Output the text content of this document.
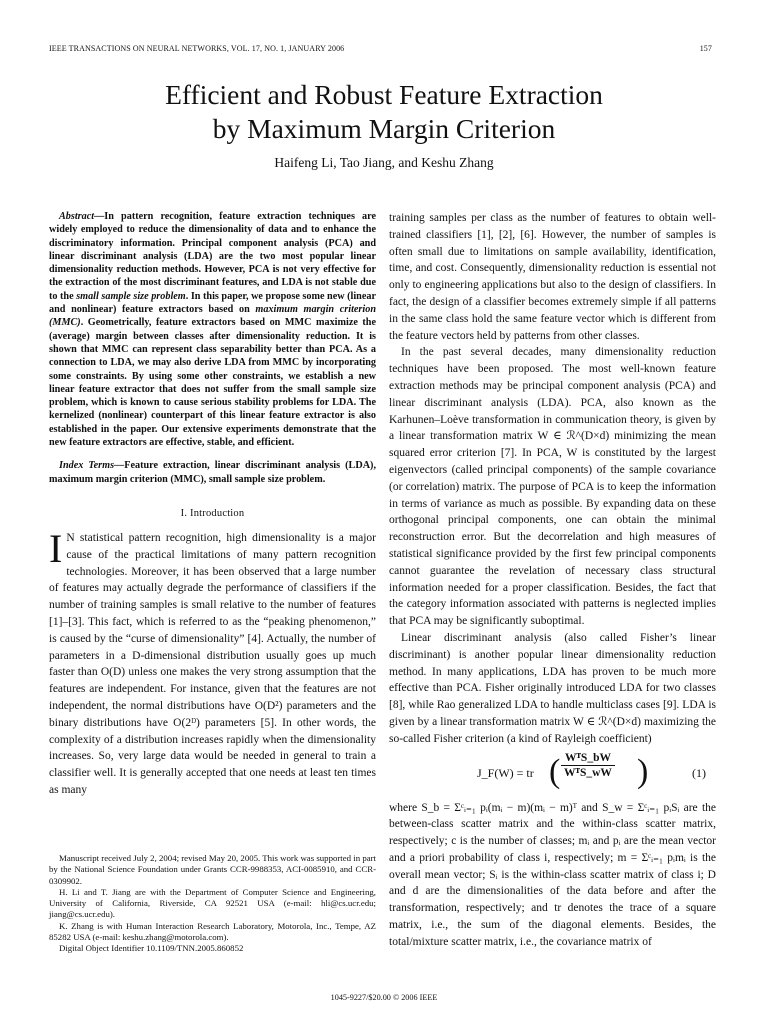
IEEE TRANSACTIONS ON NEURAL NETWORKS, VOL. 17, NO. 1, JANUARY 2006	157
Efficient and Robust Feature Extraction
by Maximum Margin Criterion
Haifeng Li, Tao Jiang, and Keshu Zhang

Abstract—In pattern recognition, feature extraction techniques are widely employed to reduce the dimensionality of data and to enhance the discriminatory information. Principal component analysis (PCA) and linear discriminant analysis (LDA) are the two most popular linear dimensionality reduction methods. However, PCA is not very effective for the extraction of the most discriminant features, and LDA is not stable due to the small sample size problem. In this paper, we propose some new (linear and nonlinear) feature extractors based on maximum margin criterion (MMC). Geometrically, feature extractors based on MMC maximize the (average) margin between classes after dimensionality reduction. It is shown that MMC can represent class separability better than PCA. As a connection to LDA, we may also derive LDA from MMC by incorporating some constraints. By using some other constraints, we establish a new linear feature extractor that does not suffer from the small sample size problem, which is known to cause serious stability problems for LDA. The kernelized (nonlinear) counterpart of this linear feature extractor is also established in the paper. Our extensive experiments demonstrate that the new feature extractors are effective, stable, and efficient.

Index Terms—Feature extraction, linear discriminant analysis (LDA), maximum margin criterion (MMC), small sample size problem.

I. Introduction

I N statistical pattern recognition, high dimensionality is a major cause of the practical limitations of many pattern recognition technologies. Moreover, it has been observed that a large number of features may actually degrade the performance of classifiers if the number of training samples is small relative to the number of features [1]–[3]. This fact, which is referred to as the “peaking phenomenon,” is caused by the “curse of dimensionality” [4]. Actually, the number of parameters in a D-dimensional distribution usually goes up much faster than O(D) unless one makes the very strong assumption that the features are independent. For instance, given that the features are not independent, the normal distributions have O(D²) parameters and the binary distributions have O(2ᴰ) parameters [5]. In other words, the complexity of a distribution increases rapidly when the dimensionality increases. So, very large data would be needed in general to train a classifier well. It is generally accepted that one needs at least ten times as many

training samples per class as the number of features to obtain well-trained classifiers [1], [2], [6]. However, the number of samples is often small due to limitations on sample availability, identification, time, and cost. Consequently, dimensionality reduction is essential not only to engineering applications but also to the design of classifiers. In fact, the design of a classifier becomes extremely simple if all patterns in the same class hold the same feature vector which is different from the feature vectors held by patterns from other classes.

In the past several decades, many dimensionality reduction techniques have been proposed. The most well-known feature extraction methods may be principal component analysis (PCA) and linear discriminant analysis (LDA). PCA, also known as the Karhunen–Loève transformation in communication theory, is given by a linear transformation matrix W ∈ ℛ^(D×d) minimizing the mean squared error criterion [7]. In PCA, W is constituted by the largest eigenvectors (called principal components) of the sample covariance (or correlation) matrix. The purpose of PCA is to keep the information in terms of variance as much as possible. By expanding data on these orthogonal principal components, one can obtain the minimal reconstruction error. But the decorrelation and high measures of statistical significance provided by the first few principal components cannot guarantee the revelation of necessary class structural information needed for a proper classification. Besides, the fact that the category information associated with patterns is neglected implies that PCA may be significantly suboptimal.

Linear discriminant analysis (also called Fisher’s linear discriminant) is another popular linear dimensionality reduction method. In many applications, LDA has proven to be much more effective than PCA. Fisher originally introduced LDA for two classes [8], while Rao generalized LDA to handle multiclass cases [9]. LDA is given by a linear transformation matrix W ∈ ℛ^(D×d) maximizing the so-called Fisher criterion (a kind of Rayleigh coefficient)

J_F(W) = tr ( WᵀS_bW
WᵀS_wW )	(1)

where S_b = Σᶜᵢ₌₁ pᵢ(mᵢ − m)(mᵢ − m)ᵀ and S_w = Σᶜᵢ₌₁ pᵢSᵢ are the between-class scatter matrix and the within-class scatter matrix, respectively; c is the number of classes; mᵢ and pᵢ are the mean vector and a priori probability of class i, respectively; m = Σᶜᵢ₌₁ pᵢmᵢ is the overall mean vector; Sᵢ is the within-class scatter matrix of class i; D and d are the dimensionalities of the data before and after the transformation, respectively; and tr denotes the trace of a square matrix, i.e., the sum of the diagonal elements. Besides, the total/mixture scatter matrix, i.e., the covariance matrix of

Manuscript received July 2, 2004; revised May 20, 2005. This work was supported in part by the National Science Foundation under Grants CCR-9988353, ACI-0085910, and CCR-0309902.

H. Li and T. Jiang are with the Department of Computer Science and Engineering, University of California, Riverside, CA 92521 USA (e-mail: hli@cs.ucr.edu; jiang@cs.ucr.edu).

K. Zhang is with Human Interaction Research Laboratory, Motorola, Inc., Tempe, AZ 85282 USA (e-mail: keshu.zhang@motorola.com).

Digital Object Identifier 10.1109/TNN.2005.860852

1045-9227/$20.00 © 2006 IEEE
